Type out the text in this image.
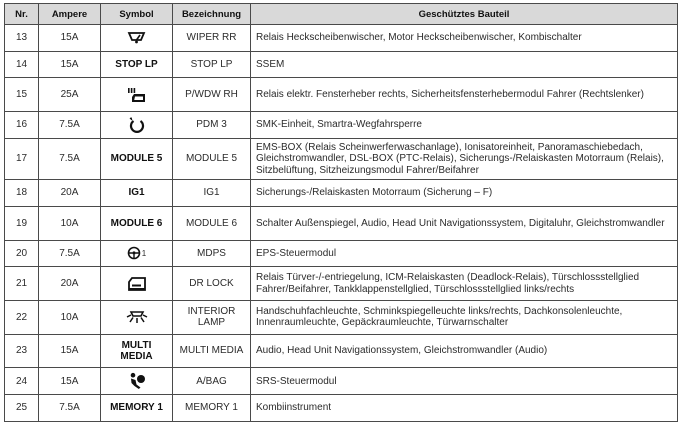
Nr.	Ampere	Symbol	Bezeichnung	Geschütztes Bauteil
13	15A		WIPER RR	Relais Heckscheibenwischer, Motor Heckscheibenwischer, Kombischalter
14	15A	STOP LP	STOP LP	SSEM
15	25A		P/WDW RH	Relais elektr. Fensterheber rechts, Sicherheitsfensterhebermodul Fahrer (Rechtslenker)
16	7.5A		PDM 3	SMK-Einheit, Smartra-Wegfahrsperre
17	7.5A	MODULE 5	MODULE 5	EMS-BOX (Relais Scheinwerferwaschanlage), Ionisatoreinheit, Panoramaschiebedach, Gleichstromwandler, DSL-BOX (PTC-Relais), Sicherungs-/Relaiskasten Motorraum (Relais), Sitzbelüftung, Sitzheizungsmodul Fahrer/Beifahrer
18	20A	IG1	IG1	Sicherungs-/Relaiskasten Motorraum (Sicherung – F)
19	10A	MODULE 6	MODULE 6	Schalter Außenspiegel, Audio, Head Unit Navigationssystem, Digitaluhr, Gleichstromwandler
20	7.5A	1	MDPS	EPS-Steuermodul
21	20A		DR LOCK	Relais Türver-/-entriegelung, ICM-Relaiskasten (Deadlock-Relais), Türschlossstellglied Fahrer/Beifahrer, Tankklappenstellglied, Türschlossstellglied links/rechts
22	10A		INTERIOR LAMP	Handschuhfachleuchte, Schminkspiegelleuchte links/rechts, Dachkonsolenleuchte, Innenraumleuchte, Gepäckraumleuchte, Türwarnschalter
23	15A	MULTI MEDIA	MULTI MEDIA	Audio, Head Unit Navigationssystem, Gleichstromwandler (Audio)
24	15A		A/BAG	SRS-Steuermodul
25	7.5A	MEMORY 1	MEMORY 1	Kombiinstrument
